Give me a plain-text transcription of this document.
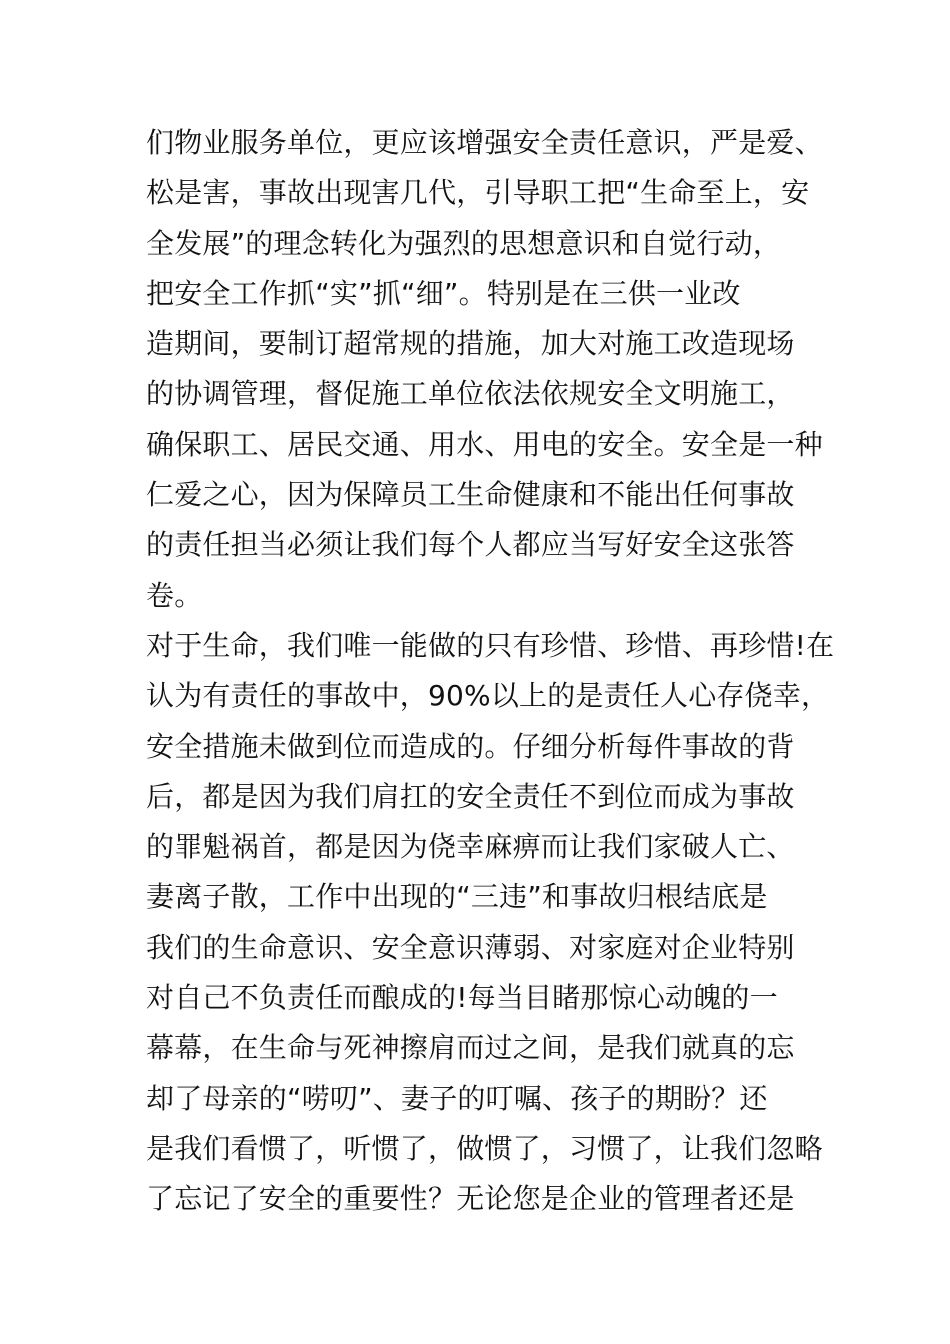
们物业服务单位，更应该增强安全责任意识，严是爱、
松是害，事故出现害几代，引导职工把“生命至上，安
全发展”的理念转化为强烈的思想意识和自觉行动，
把安全工作抓“实”抓“细”。特别是在三供一业改
造期间，要制订超常规的措施，加大对施工改造现场
的协调管理，督促施工单位依法依规安全文明施工，
确保职工、居民交通、用水、用电的安全。安全是一种
仁爱之心，因为保障员工生命健康和不能出任何事故
的责任担当必须让我们每个人都应当写好安全这张答
卷。
对于生命，我们唯一能做的只有珍惜、珍惜、再珍惜!在
认为有责任的事故中，90%以上的是责任人心存侥幸，
安全措施未做到位而造成的。仔细分析每件事故的背
后，都是因为我们肩扛的安全责任不到位而成为事故
的罪魁祸首，都是因为侥幸麻痹而让我们家破人亡、
妻离子散，工作中出现的“三违”和事故归根结底是
我们的生命意识、安全意识薄弱、对家庭对企业特别
对自己不负责任而酿成的!每当目睹那惊心动魄的一
幕幕，在生命与死神擦肩而过之间，是我们就真的忘
却了母亲的“唠叨”、妻子的叮嘱、孩子的期盼？还
是我们看惯了，听惯了，做惯了，习惯了，让我们忽略
了忘记了安全的重要性？无论您是企业的管理者还是
